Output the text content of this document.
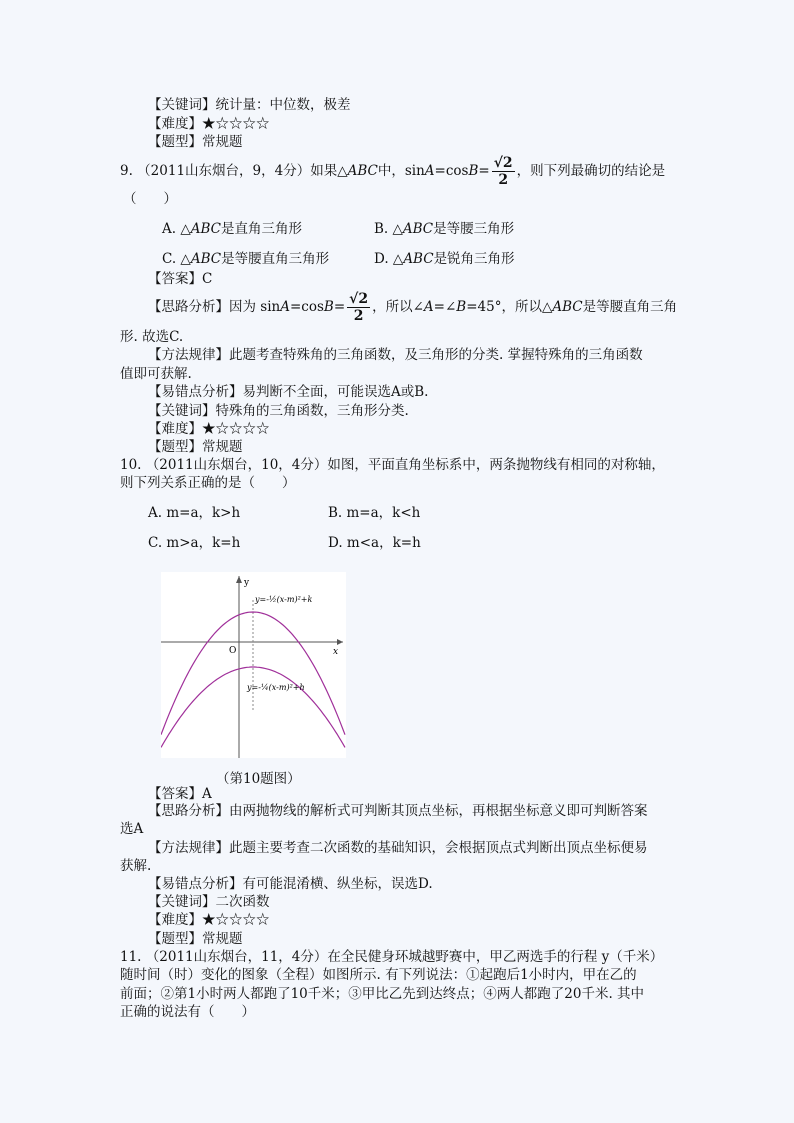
【关键词】统计量：中位数，极差
【难度】★☆☆☆☆
【题型】常规题
9. （2011山东烟台，9，4分）如果△ABC中，$\sin A=\cos B= \frac{√2}{2}$ ，则下列最确切的结论是
（　　）
A. △ABC是直角三角形	B. △ABC是等腰三角形
C. △ABC是等腰直角三角形	D. △ABC是锐角三角形
【答案】C
【思路分析】因为 $\sin A=\cos B= \frac{√2}{2}$ ，所以∠A=∠B=45°，所以△ABC是等腰直角三角
形. 故选C.
【方法规律】此题考查特殊角的三角函数，及三角形的分类. 掌握特殊角的三角函数
值即可获解.
【易错点分析】易判断不全面，可能误选A或B.
【关键词】特殊角的三角函数，三角形分类.
【难度】★☆☆☆☆
【题型】常规题
10. （2011山东烟台，10，4分）如图，平面直角坐标系中，两条抛物线有相同的对称轴，
则下列关系正确的是（　　）
A. m=a，k>h	B. m=a，k<h
C. m>a，k=h	D. m<a，k=h
y
x
O
y=-½(x-m)²+k
y=-¼(x-m)²+h
（第10题图）
【答案】A
【思路分析】由两抛物线的解析式可判断其顶点坐标，再根据坐标意义即可判断答案
选A
【方法规律】此题主要考查二次函数的基础知识，会根据顶点式判断出顶点坐标便易
获解.
【易错点分析】有可能混淆横、纵坐标，误选D.
【关键词】二次函数
【难度】★☆☆☆☆
【题型】常规题
11. （2011山东烟台，11，4分）在全民健身环城越野赛中，甲乙两选手的行程 y（千米）
随时间（时）变化的图象（全程）如图所示. 有下列说法：①起跑后1小时内，甲在乙的
前面；②第1小时两人都跑了10千米；③甲比乙先到达终点；④两人都跑了20千米. 其中
正确的说法有（　　）
